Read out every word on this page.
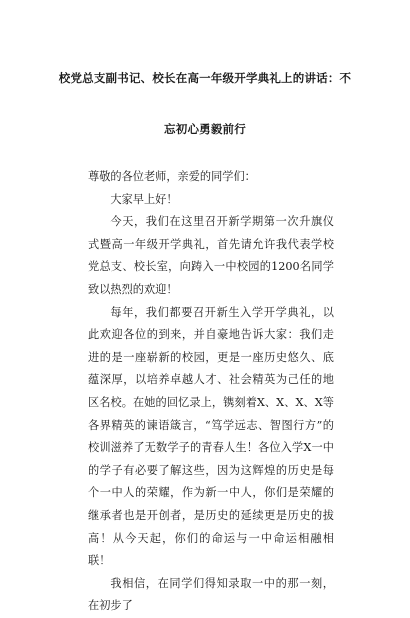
校党总支副书记、校长在高一年级开学典礼上的讲话：不
忘初心勇毅前行

尊敬的各位老师，亲爱的同学们：

大家早上好！

今天，我们在这里召开新学期第一次升旗仪式暨高一年级开学典礼，首先请允许我代表学校党总支、校长室，向踌入一中校园的1200名同学致以热烈的欢迎！

每年，我们都要召开新生入学开学典礼，以此欢迎各位的到来，并自豪地告诉大家：我们走进的是一座崭新的校园，更是一座历史悠久、底蕴深厚，以培养卓越人才、社会精英为己任的地区名校。在她的回忆录上，镌刻着X、X、X、X等各界精英的谏语箴言，“笃学远志、智图行方”的校训滋养了无数学子的青春人生！各位入学X一中的学子有必要了解这些，因为这辉煌的历史是每个一中人的荣耀，作为新一中人，你们是荣耀的继承者也是开创者，是历史的延续更是历史的拔高！从今天起，你们的命运与一中命运相融相联！

我相信，在同学们得知录取一中的那一刻，在初步了
